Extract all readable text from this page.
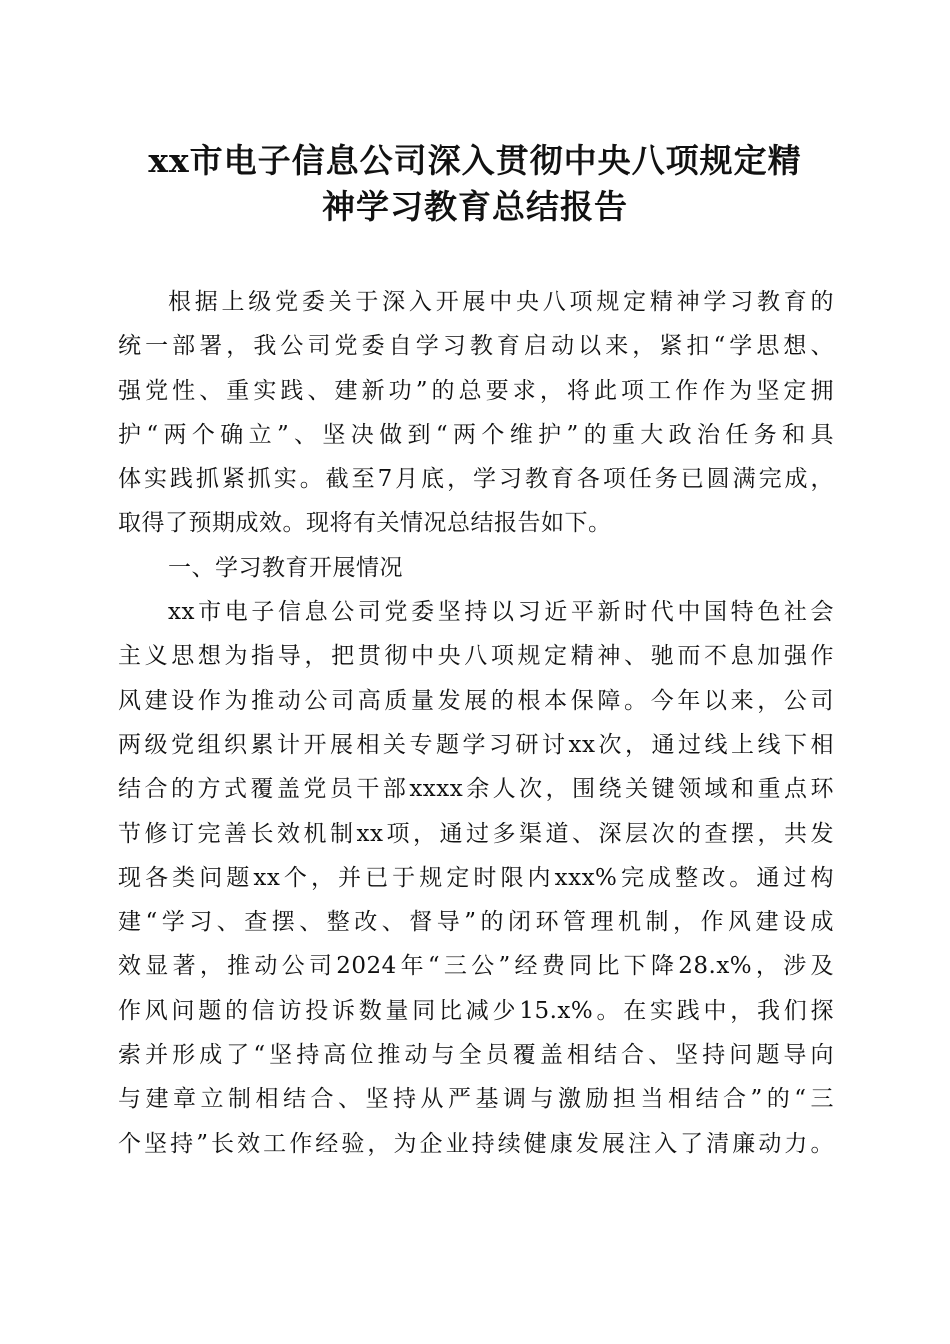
xx市电子信息公司深入贯彻中央八项规定精
神学习教育总结报告
根据上级党委关于深入开展中央八项规定精神学习教育的
统一部署，我公司党委自学习教育启动以来，紧扣“学思想、
强党性、重实践、建新功”的总要求，将此项工作作为坚定拥
护“两个确立”、坚决做到“两个维护”的重大政治任务和具
体实践抓紧抓实。截至7月底，学习教育各项任务已圆满完成，
取得了预期成效。现将有关情况总结报告如下。
一、学习教育开展情况
xx市电子信息公司党委坚持以习近平新时代中国特色社会
主义思想为指导，把贯彻中央八项规定精神、驰而不息加强作
风建设作为推动公司高质量发展的根本保障。今年以来，公司
两级党组织累计开展相关专题学习研讨xx次，通过线上线下相
结合的方式覆盖党员干部xxxx余人次，围绕关键领域和重点环
节修订完善长效机制xx项，通过多渠道、深层次的查摆，共发
现各类问题xx个，并已于规定时限内xxx%完成整改。通过构
建“学习、查摆、整改、督导”的闭环管理机制，作风建设成
效显著，推动公司2024年“三公”经费同比下降28.x%，涉及
作风问题的信访投诉数量同比减少15.x%。在实践中，我们探
索并形成了“坚持高位推动与全员覆盖相结合、坚持问题导向
与建章立制相结合、坚持从严基调与激励担当相结合”的“三
个坚持”长效工作经验，为企业持续健康发展注入了清廉动力。
